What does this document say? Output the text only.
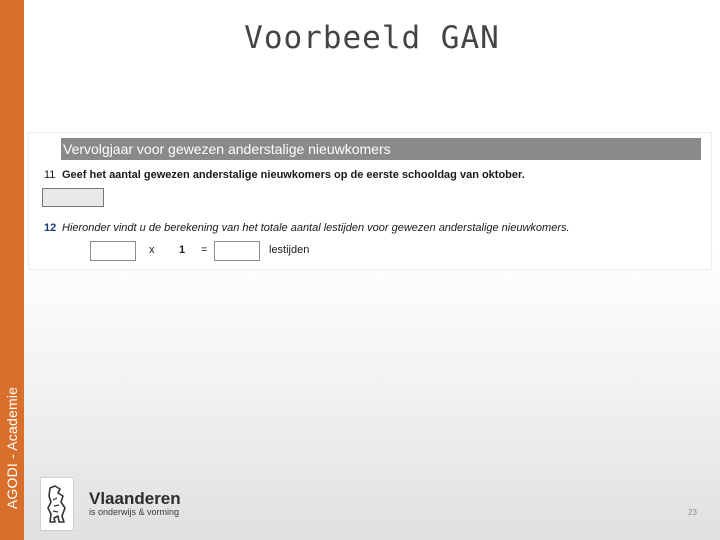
AGODI - Academie
Voorbeeld GAN
Vervolgjaar voor gewezen anderstalige nieuwkomers
11 Geef het aantal gewezen anderstalige nieuwkomers op de eerste schooldag van oktober.
12 Hieronder vindt u de berekening van het totale aantal lestijden voor gewezen anderstalige nieuwkomers.
x 1 =	lestijden
Vlaanderen
is onderwijs & vorming	23
